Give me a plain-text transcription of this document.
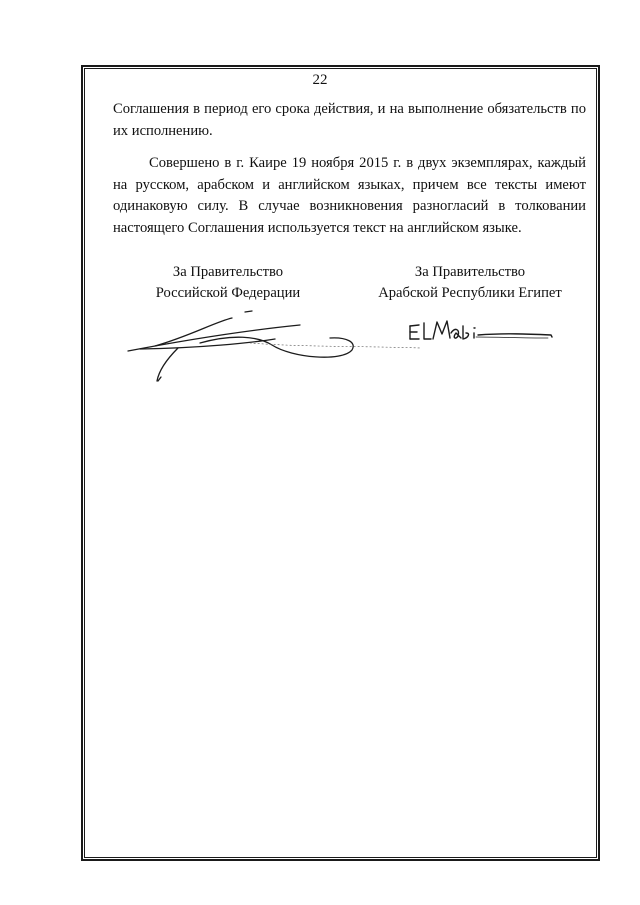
22
Соглашения в период его срока действия, и на выполнение обязательств по их исполнению.
Совершено в г. Каире 19 ноября 2015 г. в двух экземплярах, каждый на русском, арабском и английском языках, причем все тексты имеют одинаковую силу. В случае возникновения разногласий в толковании настоящего Соглашения используется текст на английском языке.
За Правительство
Российской Федерации
За Правительство
Арабской Республики Египет
